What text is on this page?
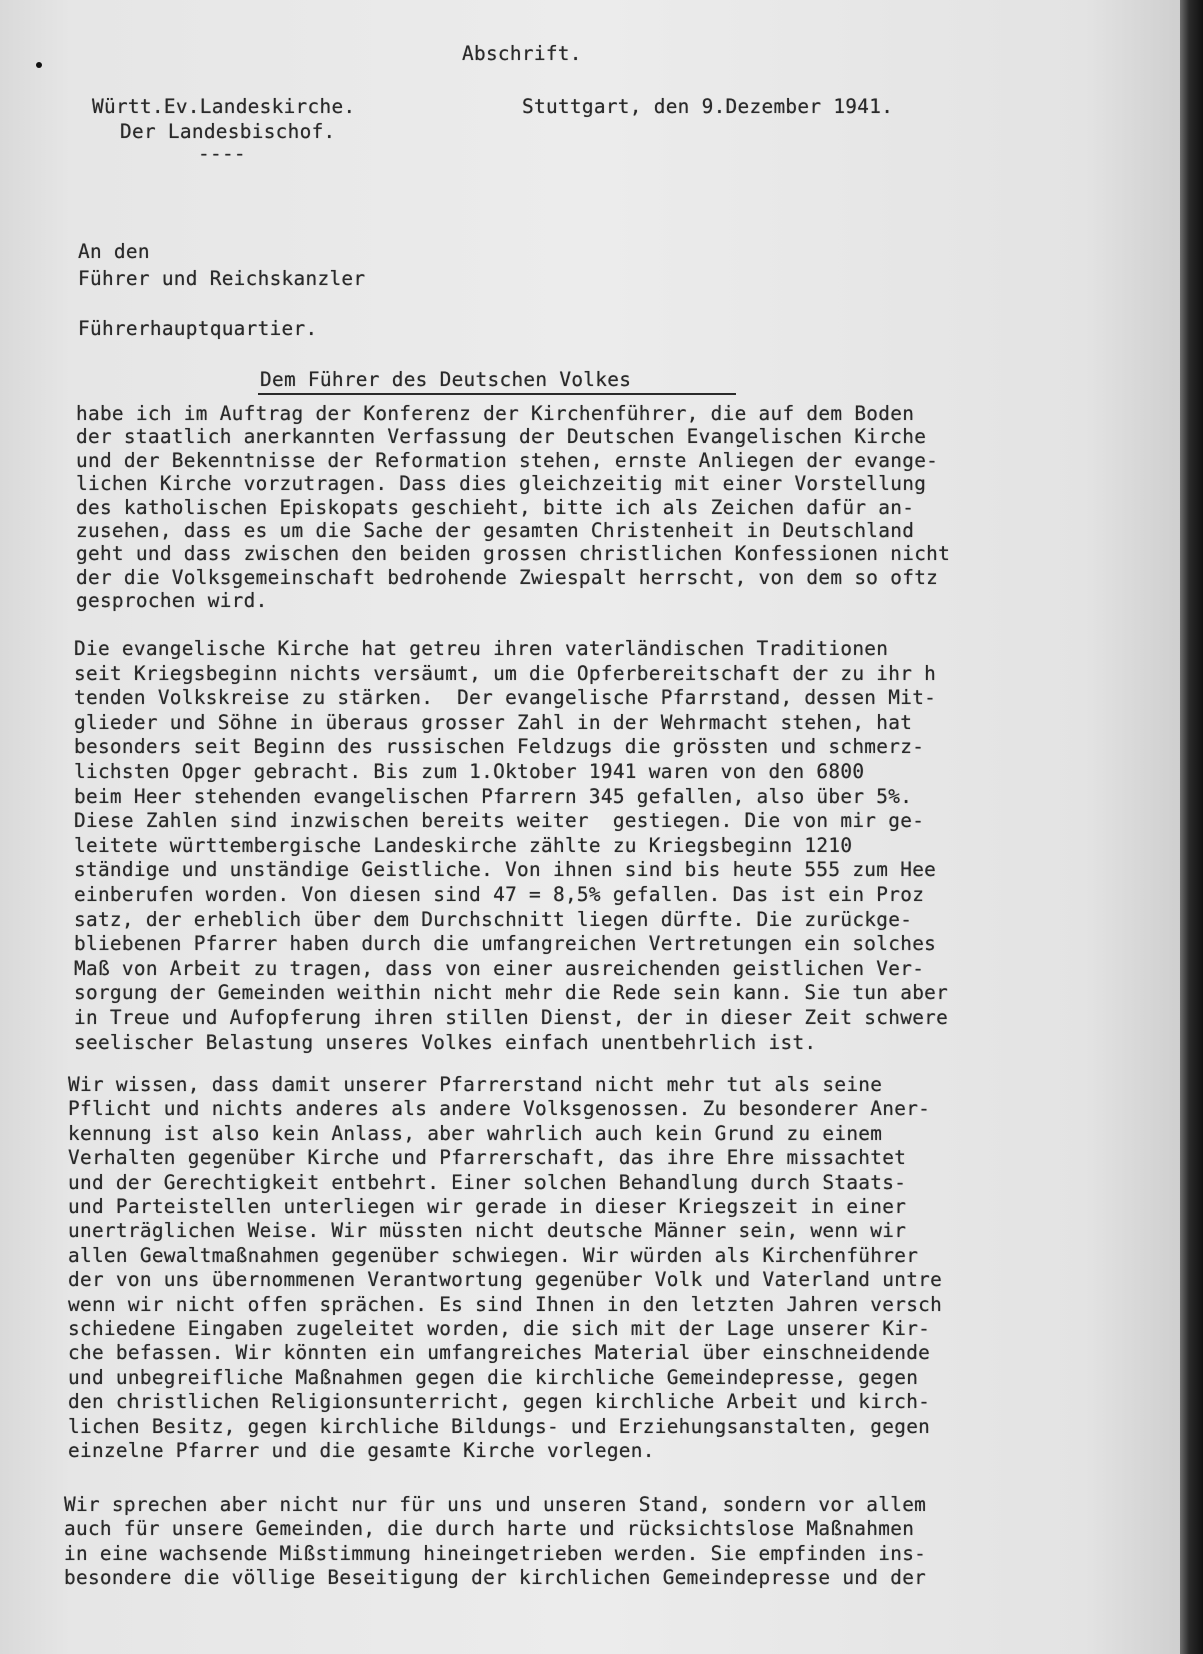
Abschrift.
Württ.Ev.Landeskirche.
Der Landesbischof.
----
Stuttgart, den 9.Dezember 1941.
An den
Führer und Reichskanzler
Führerhauptquartier.
Dem Führer des Deutschen Volkes
habe ich im Auftrag der Konferenz der Kirchenführer, die auf dem Boden
der staatlich anerkannten Verfassung der Deutschen Evangelischen Kirche
und der Bekenntnisse der Reformation stehen, ernste Anliegen der evange-
lichen Kirche vorzutragen. Dass dies gleichzeitig mit einer Vorstellung
des katholischen Episkopats geschieht, bitte ich als Zeichen dafür an-
zusehen, dass es um die Sache der gesamten Christenheit in Deutschland
geht und dass zwischen den beiden grossen christlichen Konfessionen nicht
der die Volksgemeinschaft bedrohende Zwiespalt herrscht, von dem so oftz
gesprochen wird.
Die evangelische Kirche hat getreu ihren vaterländischen Traditionen
seit Kriegsbeginn nichts versäumt, um die Opferbereitschaft der zu ihr h
tenden Volkskreise zu stärken.  Der evangelische Pfarrstand, dessen Mit-
glieder und Söhne in überaus grosser Zahl in der Wehrmacht stehen, hat
besonders seit Beginn des russischen Feldzugs die grössten und schmerz-
lichsten Opger gebracht. Bis zum 1.Oktober 1941 waren von den 6800
beim Heer stehenden evangelischen Pfarrern 345 gefallen, also über 5%.
Diese Zahlen sind inzwischen bereits weiter  gestiegen. Die von mir ge-
leitete württembergische Landeskirche zählte zu Kriegsbeginn 1210
ständige und unständige Geistliche. Von ihnen sind bis heute 555 zum Hee
einberufen worden. Von diesen sind 47 = 8,5% gefallen. Das ist ein Proz
satz, der erheblich über dem Durchschnitt liegen dürfte. Die zurückge-
bliebenen Pfarrer haben durch die umfangreichen Vertretungen ein solches
Maß von Arbeit zu tragen, dass von einer ausreichenden geistlichen Ver-
sorgung der Gemeinden weithin nicht mehr die Rede sein kann. Sie tun aber
in Treue und Aufopferung ihren stillen Dienst, der in dieser Zeit schwere
seelischer Belastung unseres Volkes einfach unentbehrlich ist.
Wir wissen, dass damit unserer Pfarrerstand nicht mehr tut als seine
Pflicht und nichts anderes als andere Volksgenossen. Zu besonderer Aner-
kennung ist also kein Anlass, aber wahrlich auch kein Grund zu einem
Verhalten gegenüber Kirche und Pfarrerschaft, das ihre Ehre missachtet
und der Gerechtigkeit entbehrt. Einer solchen Behandlung durch Staats-
und Parteistellen unterliegen wir gerade in dieser Kriegszeit in einer
unerträglichen Weise. Wir müssten nicht deutsche Männer sein, wenn wir
allen Gewaltmaßnahmen gegenüber schwiegen. Wir würden als Kirchenführer
der von uns übernommenen Verantwortung gegenüber Volk und Vaterland untre
wenn wir nicht offen sprächen. Es sind Ihnen in den letzten Jahren versch
schiedene Eingaben zugeleitet worden, die sich mit der Lage unserer Kir-
che befassen. Wir könnten ein umfangreiches Material über einschneidende
und unbegreifliche Maßnahmen gegen die kirchliche Gemeindepresse, gegen
den christlichen Religionsunterricht, gegen kirchliche Arbeit und kirch-
lichen Besitz, gegen kirchliche Bildungs- und Erziehungsanstalten, gegen
einzelne Pfarrer und die gesamte Kirche vorlegen.
Wir sprechen aber nicht nur für uns und unseren Stand, sondern vor allem
auch für unsere Gemeinden, die durch harte und rücksichtslose Maßnahmen
in eine wachsende Mißstimmung hineingetrieben werden. Sie empfinden ins-
besondere die völlige Beseitigung der kirchlichen Gemeindepresse und der
